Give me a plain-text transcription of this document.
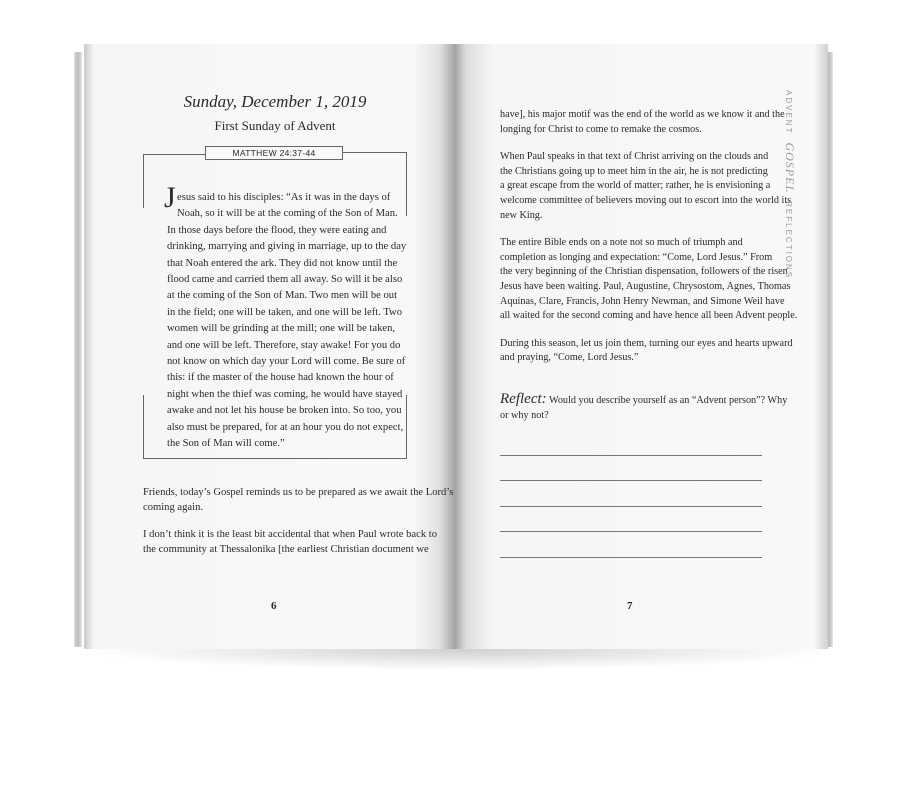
Sunday, December 1, 2019
First Sunday of Advent
MATTHEW 24:37-44
J esus said to his disciples: “As it was in the days of
Noah, so it will be at the coming of the Son of Man.
In those days before the flood, they were eating and
drinking, marrying and giving in marriage, up to the day
that Noah entered the ark. They did not know until the
flood came and carried them all away. So will it be also
at the coming of the Son of Man. Two men will be out
in the field; one will be taken, and one will be left. Two
women will be grinding at the mill; one will be taken,
and one will be left. Therefore, stay awake! For you do
not know on which day your Lord will come. Be sure of
this: if the master of the house had known the hour of
night when the thief was coming, he would have stayed
awake and not let his house be broken into. So too, you
also must be prepared, for at an hour you do not expect,
the Son of Man will come.”
Friends, today’s Gospel reminds us to be prepared as we await the Lord’s
coming again.
I don’t think it is the least bit accidental that when Paul wrote back to
the community at Thessalonika [the earliest Christian document we
6
have], his major motif was the end of the world as we know it and the
longing for Christ to come to remake the cosmos.
When Paul speaks in that text of Christ arriving on the clouds and
the Christians going up to meet him in the air, he is not predicting
a great escape from the world of matter; rather, he is envisioning a
welcome committee of believers moving out to escort into the world its
new King.
The entire Bible ends on a note not so much of triumph and
completion as longing and expectation: “Come, Lord Jesus.” From
the very beginning of the Christian dispensation, followers of the risen
Jesus have been waiting. Paul, Augustine, Chrysostom, Agnes, Thomas
Aquinas, Clare, Francis, John Henry Newman, and Simone Weil have
all waited for the second coming and have hence all been Advent people.
During this season, let us join them, turning our eyes and hearts upward
and praying, “Come, Lord Jesus.”
Reflect: Would you describe yourself as an “Advent person”? Why
or why not?
7
ADVENTGOSPELREFLECTIONS
